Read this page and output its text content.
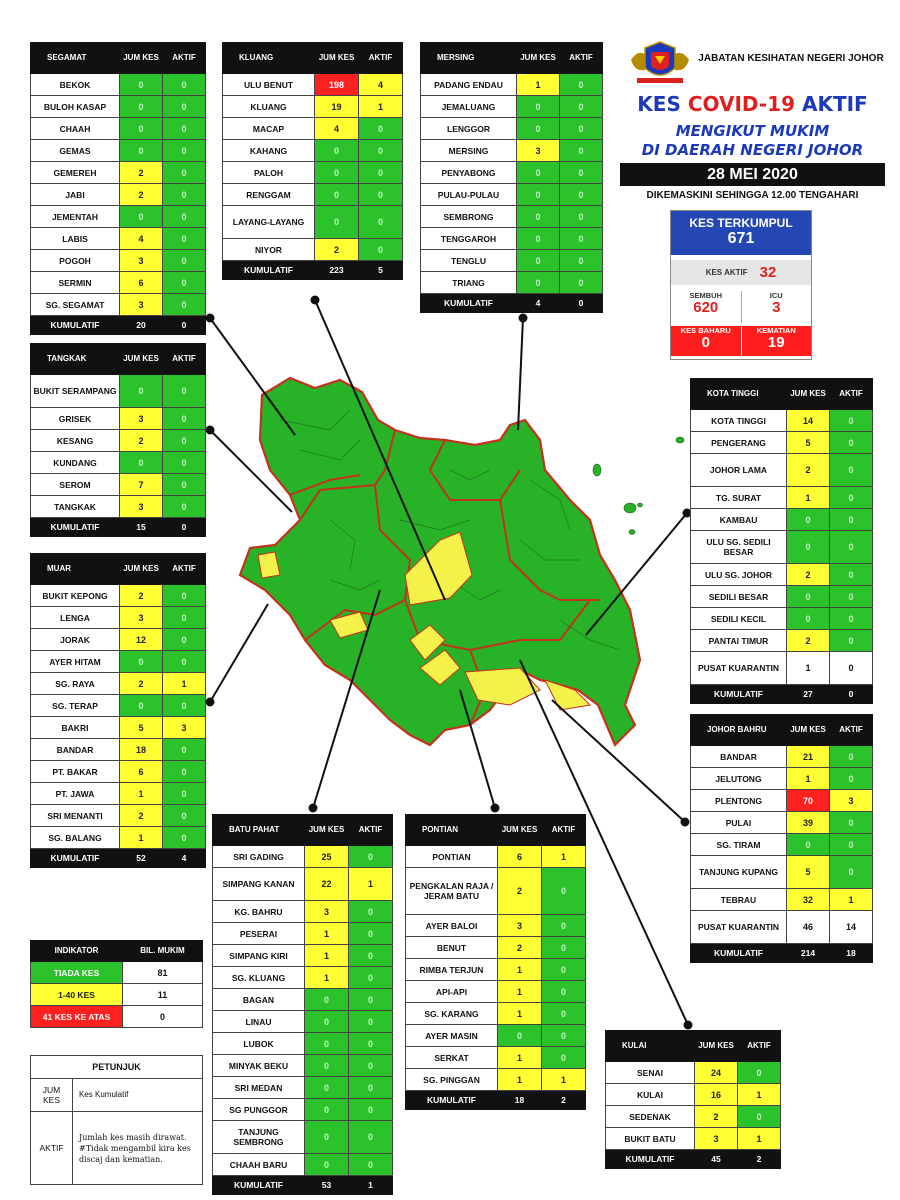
JABATAN KESIHATAN NEGERI JOHOR
KES COVID-19 AKTIF
MENGIKUT MUKIM
DI DAERAH NEGERI JOHOR
28 MEI 2020
DIKEMASKINI SEHINGGA 12.00 TENGAHARI
KES TERKUMPUL
671
KES AKTIF 32
SEMBUH
620
ICU
3
KES BAHARU
0
KEMATIAN
19
SEGAMAT	JUM KES	AKTIF
BEKOK	0	0
BULOH KASAP	0	0
CHAAH	0	0
GEMAS	0	0
GEMEREH	2	0
JABI	2	0
JEMENTAH	0	0
LABIS	4	0
POGOH	3	0
SERMIN	6	0
SG. SEGAMAT	3	0
KUMULATIF	20	0
KLUANG	JUM KES	AKTIF
ULU BENUT	198	4
KLUANG	19	1
MACAP	4	0
KAHANG	0	0
PALOH	0	0
RENGGAM	0	0
LAYANG-LAYANG	0	0
NIYOR	2	0
KUMULATIF	223	5
MERSING	JUM KES	AKTIF
PADANG ENDAU	1	0
JEMALUANG	0	0
LENGGOR	0	0
MERSING	3	0
PENYABONG	0	0
PULAU-PULAU	0	0
SEMBRONG	0	0
TENGGAROH	0	0
TENGLU	0	0
TRIANG	0	0
KUMULATIF	4	0
TANGKAK	JUM KES	AKTIF
BUKIT SERAMPANG	0	0
GRISEK	3	0
KESANG	2	0
KUNDANG	0	0
SEROM	7	0
TANGKAK	3	0
KUMULATIF	15	0
MUAR	JUM KES	AKTIF
BUKIT KEPONG	2	0
LENGA	3	0
JORAK	12	0
AYER HITAM	0	0
SG. RAYA	2	1
SG. TERAP	0	0
BAKRI	5	3
BANDAR	18	0
PT. BAKAR	6	0
PT. JAWA	1	0
SRI MENANTI	2	0
SG. BALANG	1	0
KUMULATIF	52	4
KOTA TINGGI	JUM KES	AKTIF
KOTA TINGGI	14	0
PENGERANG	5	0
JOHOR LAMA	2	0
TG. SURAT	1	0
KAMBAU	0	0
ULU SG. SEDILI BESAR	0	0
ULU SG. JOHOR	2	0
SEDILI BESAR	0	0
SEDILI KECIL	0	0
PANTAI TIMUR	2	0
PUSAT KUARANTIN	1	0
KUMULATIF	27	0
JOHOR BAHRU	JUM KES	AKTIF
BANDAR	21	0
JELUTONG	1	0
PLENTONG	70	3
PULAI	39	0
SG. TIRAM	0	0
TANJUNG KUPANG	5	0
TEBRAU	32	1
PUSAT KUARANTIN	46	14
KUMULATIF	214	18
BATU PAHAT	JUM KES	AKTIF
SRI GADING	25	0
SIMPANG KANAN	22	1
KG. BAHRU	3	0
PESERAI	1	0
SIMPANG KIRI	1	0
SG. KLUANG	1	0
BAGAN	0	0
LINAU	0	0
LUBOK	0	0
MINYAK BEKU	0	0
SRI MEDAN	0	0
SG PUNGGOR	0	0
TANJUNG SEMBRONG	0	0
CHAAH BARU	0	0
KUMULATIF	53	1
PONTIAN	JUM KES	AKTIF
PONTIAN	6	1
PENGKALAN RAJA / JERAM BATU	2	0
AYER BALOI	3	0
BENUT	2	0
RIMBA TERJUN	1	0
API-API	1	0
SG. KARANG	1	0
AYER MASIN	0	0
SERKAT	1	0
SG. PINGGAN	1	1
KUMULATIF	18	2
KULAI	JUM KES	AKTIF
SENAI	24	0
KULAI	16	1
SEDENAK	2	0
BUKIT BATU	3	1
KUMULATIF	45	2
INDIKATOR	BIL. MUKIM
TIADA KES	81
1-40 KES	11
41 KES KE ATAS	0
PETUNJUK	
JUM KES	Kes Kumulatif
AKTIF	Jumlah kes masih dirawat. #Tidak mengambil kira kes discaj dan kematian.
